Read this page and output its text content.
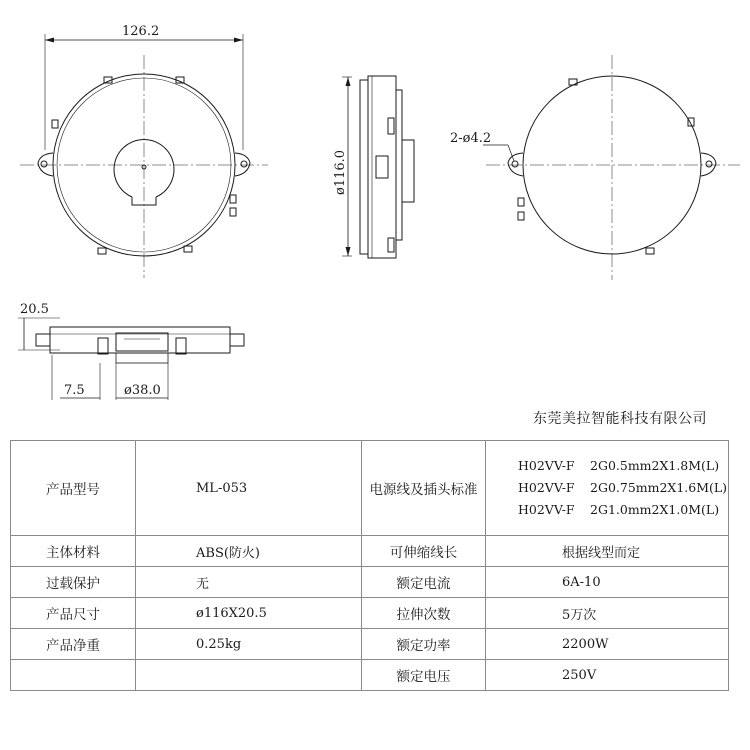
126.2
ø116.0
2-ø4.2
20.5
7.5	ø38.0
东莞美拉智能科技有限公司
产品型号	ML-053	电源线及插头标准	H02VV-F 2G0.5mm2X1.8M(L)
H02VV-F 2G0.75mm2X1.6M(L)
H02VV-F 2G1.0mm2X1.0M(L)

主体材料	ABS(防火)	可伸缩线长	根据线型而定
过载保护	无	额定电流	6A-10
产品尺寸	ø116X20.5	拉伸次数	5万次
产品净重	0.25kg	额定功率	2200W
		额定电压	250V
